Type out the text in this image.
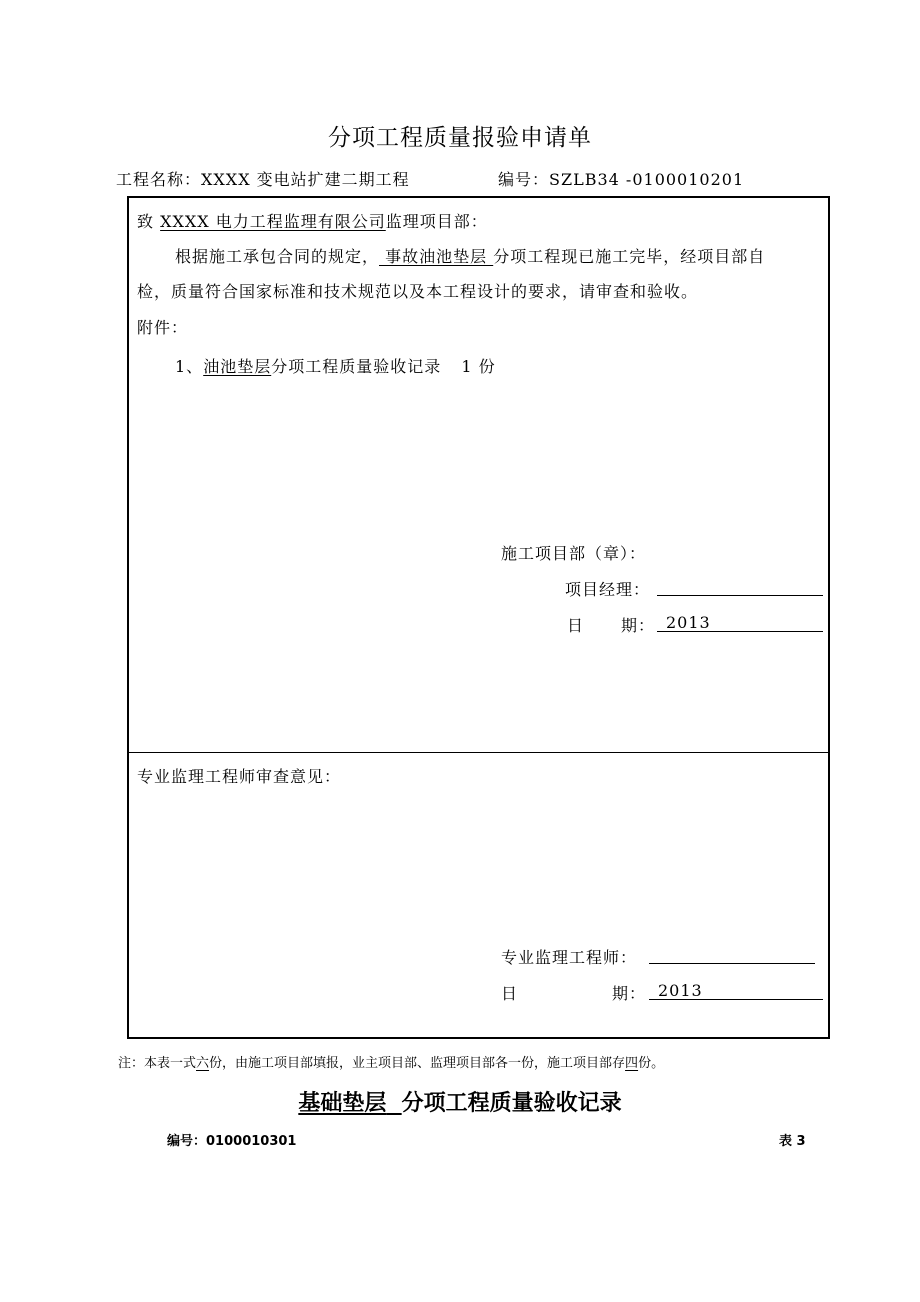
分项工程质量报验申请单
工程名称：XXXX 变电站扩建二期工程	编号：SZLB34 -0100010201
致 XXXX 电力工程监理有限公司监理项目部：
根据施工承包合同的规定， 事故油池垫层 分项工程现已施工完毕，经项目部自
检，质量符合国家标准和技术规范以及本工程设计的要求，请审查和验收。
附件：
1、油池垫层分项工程质量验收记录 1 份
施工项目部（章）：
项目经理：
日 期： 2013
专业监理工程师审查意见：
专业监理工程师：
日	期： 2013
注：本表一式六份，由施工项目部填报，业主项目部、监理项目部各一份，施工项目部存四份。
基础垫层 分项工程质量验收记录
编号：0100010301	表 3
